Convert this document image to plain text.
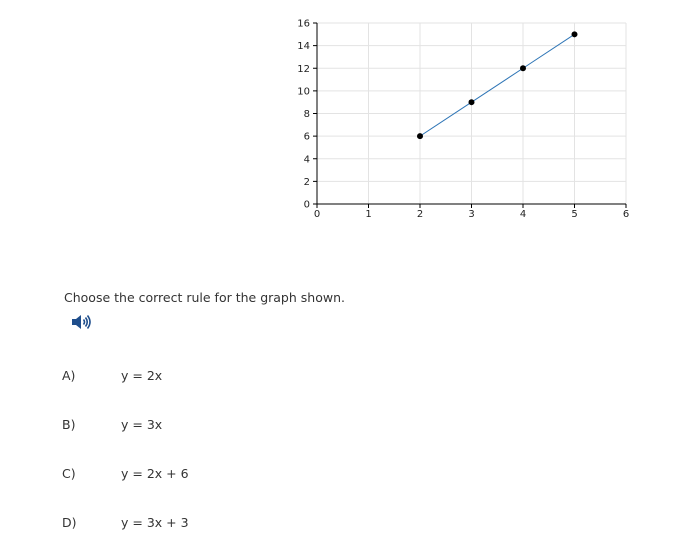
0
2
4
6
8
10
12
14
16
0	1	2	3	4	5	6
Choose the correct rule for the graph shown.
A)	y = 2x
B)	y = 3x
C)	y = 2x + 6
D)	y = 3x + 3
